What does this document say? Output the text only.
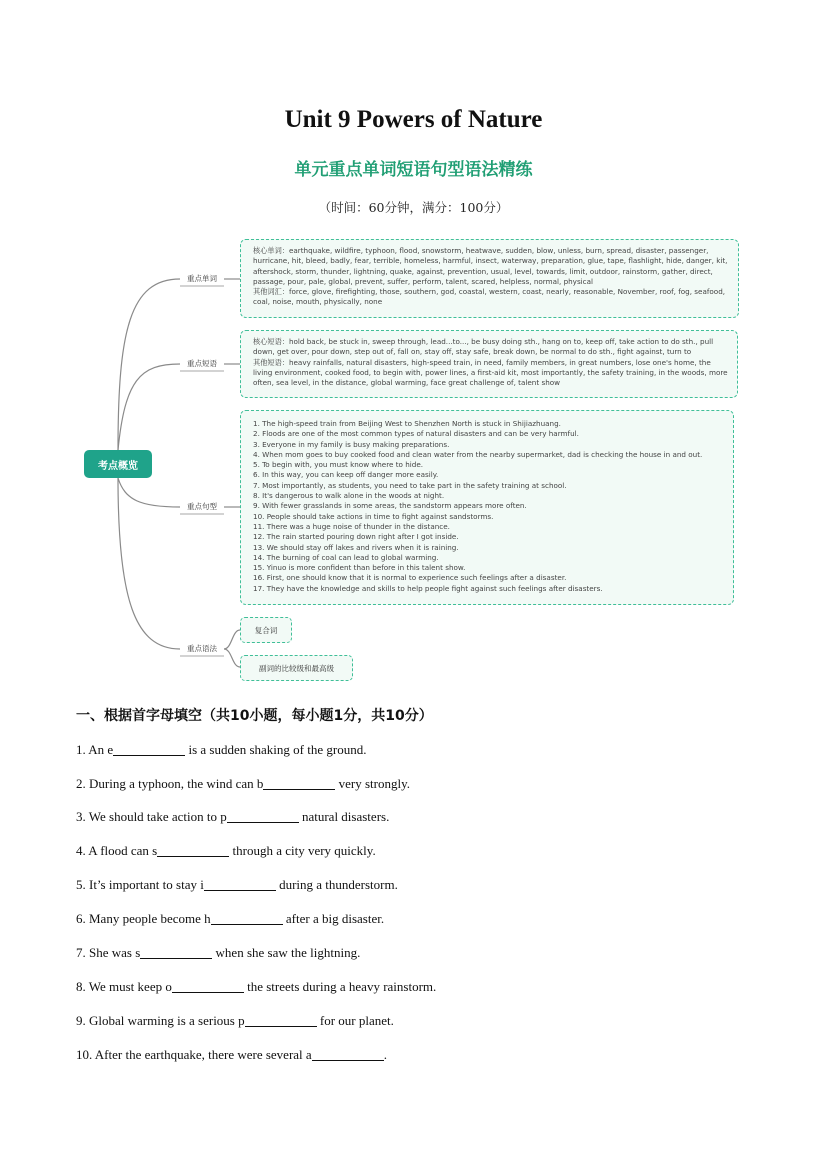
Unit 9 Powers of Nature
单元重点单词短语句型语法精练
（时间：60分钟，满分：100分）
考点概览
重点单词
重点短语
重点句型
重点语法

核心单词：earthquake, wildfire, typhoon, flood, snowstorm, heatwave, sudden, blow, unless, burn, spread, disaster, passenger, hurricane, hit, bleed, badly, fear, terrible, homeless, harmful, insect, waterway, preparation, glue, tape, flashlight, hide, danger, kit, aftershock, storm, thunder, lightning, quake, against, prevention, usual, level, towards, limit, outdoor, rainstorm, gather, direct, passage, pour, pale, global, prevent, suffer, perform, talent, scared, helpless, normal, physical

其他词汇：force, glove, firefighting, those, southern, god, coastal, western, coast, nearly, reasonable, November, roof, fog, seafood, coal, noise, mouth, physically, none

核心短语：hold back, be stuck in, sweep through, lead...to..., be busy doing sth., hang on to, keep off, take action to do sth., pull down, get over, pour down, step out of, fall on, stay off, stay safe, break down, be normal to do sth., fight against, turn to

其他短语：heavy rainfalls, natural disasters, high-speed train, in need, family members, in great numbers, lose one's home, the living environment, cooked food, to begin with, power lines, a first-aid kit, most importantly, the safety training, in the woods, more often, sea level, in the distance, global warming, face great challenge of, talent show

1. The high-speed train from Beijing West to Shenzhen North is stuck in Shijiazhuang.

2. Floods are one of the most common types of natural disasters and can be very harmful.

3. Everyone in my family is busy making preparations.

4. When mom goes to buy cooked food and clean water from the nearby supermarket, dad is checking the house in and out.

5. To begin with, you must know where to hide.

6. In this way, you can keep off danger more easily.

7. Most importantly, as students, you need to take part in the safety training at school.

8. It's dangerous to walk alone in the woods at night.

9. With fewer grasslands in some areas, the sandstorm appears more often.

10. People should take actions in time to fight against sandstorms.

11. There was a huge noise of thunder in the distance.

12. The rain started pouring down right after I got inside.

13. We should stay off lakes and rivers when it is raining.

14. The burning of coal can lead to global warming.

15. Yinuo is more confident than before in this talent show.

16. First, one should know that it is normal to experience such feelings after a disaster.

17. They have the knowledge and skills to help people fight against such feelings after disasters.

复合词
副词的比较级和最高级
一、根据首字母填空（共10小题，每小题1分，共10分）
1. An e	is a sudden shaking of the ground.
2. During a typhoon, the wind can b	very strongly.
3. We should take action to p	natural disasters.
4. A flood can s	through a city very quickly.
5. It’s important to stay i	during a thunderstorm.
6. Many people become h	after a big disaster.
7. She was s	when she saw the lightning.
8. We must keep o	the streets during a heavy rainstorm.
9. Global warming is a serious p	for our planet.
10. After the earthquake, there were several a	.
